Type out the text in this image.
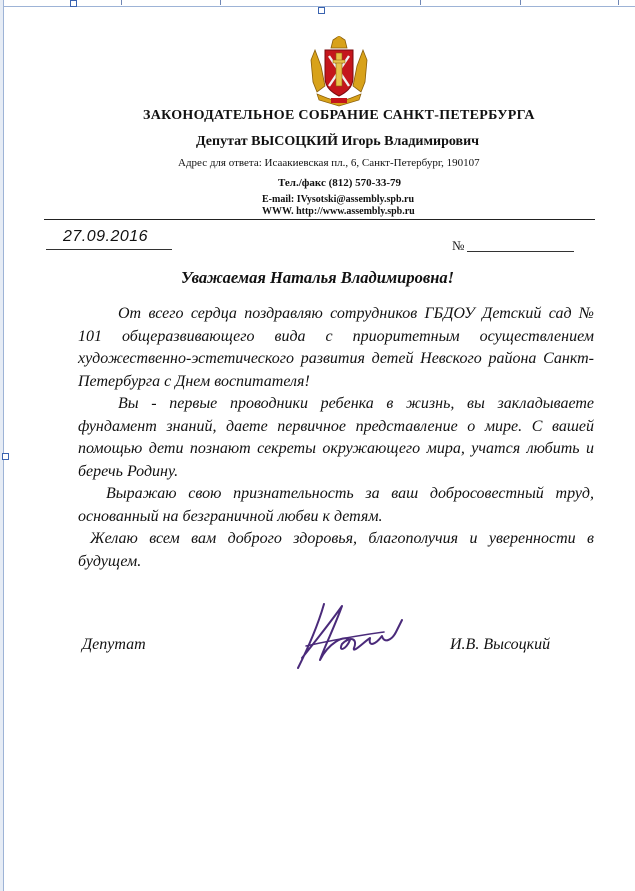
ЗАКОНОДАТЕЛЬНОЕ СОБРАНИЕ САНКТ-ПЕТЕРБУРГА
Депутат ВЫСОЦКИЙ Игорь Владимирович
Адрес для ответа: Исаакиевская пл., 6, Санкт-Петербург, 190107
Тел./факс (812) 570-33-79
E-mail: IVysotski@assembly.spb.ru
WWW. http://www.assembly.spb.ru
27.09.2016
№
Уважаемая Наталья Владимировна!

От всего сердца поздравляю сотрудников ГБДОУ Детский сад № 101 общеразвивающего вида с приоритетным осуществлением художественно-эстетического развития детей Невского района Санкт-Петербурга с Днем воспитателя!

Вы - первые проводники ребенка в жизнь, вы закладываете фундамент знаний, даете первичное представление о мире. С вашей помощью дети познают секреты окружающего мира, учатся любить и беречь Родину.

Выражаю свою признательность за ваш добросовестный труд, основанный на безграничной любви к детям.

Желаю всем вам доброго здоровья, благополучия и уверенности в будущем.

Депутат	И.В. Высоцкий
